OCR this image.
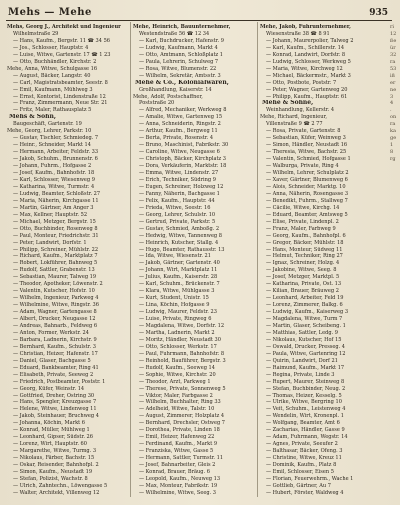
Mehs — Mehe	935
Mehs, Georg J., Architekt und Ingenieur
Wilhelmstraße 29
— Hans, Kaufm., Bergstr. 11 ☎ 34 56
— Jos., Schlosser, Hauptstr. 4
— Luise, Witwe, Gartenstr. 17 ☎ 1 23
— Otto, Buchhändler, Kirchstr. 2
Mehe, Anna, Witwe, Schulgasse 16
— August, Bäcker, Langstr. 40
— Carl, Magistratsbeamter, Seestr. 8
— Emil, Kaufmann, Mühlweg 3
— Ernst, Kontorist, Lindenstraße 12
— Franz, Zimmermann, Neue Str. 21
— Fritz, Maler, Rathausplatz 5
Mehs & Sohn,
Baugeschäft, Gartenstr. 19
Mehe, Georg, Lehrer, Parkstr. 10
— Gustav, Tischler, Schmiedeg. 7
— Heinr., Schneider, Markt 14
— Hermann, Arbeiter, Feldstr. 33
— Jakob, Schuhm., Brunnenstr. 6
— Johann, Fuhrm., Hofgasse 2
— Josef, Kaufm., Bahnhofstr. 18
— Karl, Schlosser, Wiesenweg 9
— Katharina, Witwe, Turmstr. 4
— Ludwig, Beamter, Schloßstr. 27
— Maria, Näherin, Kirchgasse 11
— Martin, Gärtner, Am Anger 3
— Max, Kellner, Hauptstr. 52
— Michael, Metzger, Bergstr. 15
— Otto, Buchbinder, Rosenweg 8
— Paul, Monteur, Friedrichstr. 31
— Peter, Landwirt, Dorfstr. 1
— Philipp, Schreiner, Mühlstr. 22
— Richard, Kaufm., Marktplatz 7
— Robert, Lokführer, Bahnweg 5
— Rudolf, Sattler, Grabenstr. 13
— Sebastian, Maurer, Talweg 19
— Theodor, Apotheker, Löwenstr. 2
— Valentin, Kutscher, Hofstr. 10
— Wilhelm, Ingenieur, Parkweg 4
— Wilhelmine, Witwe, Ringstr. 36
— Adam, Wagner, Gartengasse 8
— Albert, Drucker, Neugasse 12
— Andreas, Bahnarb., Feldweg 6
— Anton, Former, Werkstr. 24
— Barbara, Ladnerin, Kirchstr. 9
— Bernhard, Kaufm., Schulstr. 3
— Christian, Heizer, Hafenstr. 17
— Daniel, Glaser, Bachgasse 5
— Eduard, Bankbeamter, Ring 41
— Elisabeth, Private, Seeweg 2
— Friedrich, Postbeamter, Poststr. 1
— Georg, Küfer, Weinstr. 14
— Gottfried, Dreher, Ostring 30
— Hans, Spengler, Kreuzgasse 7
— Helene, Witwe, Lindenweg 11
— Jakob, Steinhauer, Bruchweg 4
— Johanna, Köchin, Markt 6
— Konrad, Müller, Mühlweg 1
— Leonhard, Gipser, Südstr. 26
— Lorenz, Wirt, Hauptstr. 60
— Margarethe, Witwe, Turmg. 3
— Nikolaus, Färber, Bachstr. 15
— Oskar, Reisender, Bahnhofpl. 2
— Simon, Kaufm., Neustadt 19
— Stefan, Polizist, Wachstr. 8
— Ulrich, Zahntechn., Löwengasse 5
— Walter, Architekt, Villenweg 12
Mehe, Heinrich, Bauunternehmer,
Westendstraße 56 ☎ 12 34
— Karl, Buchdrucker, Hafenstr. 9
— Ludwig, Kaufmann, Markt 4
— Otto, Amtmann, Schloßplatz 1
— Paula, Lehrerin, Schulweg 7
— Rosa, Witwe, Blumenstr. 22
— Wilhelm, Sekretär, Amtsstr. 3
Mehe & Co., Kolonialwaren,
Großhandlung, Kaiserstr. 14
Mehe, Adolf, Postschaffner,
Poststraße 20
— Alfred, Mechaniker, Werkweg 8
— Amalie, Witwe, Gartenweg 15
— Anna, Schneiderin, Ringstr. 2
— Arthur, Kaufm., Bergweg 11
— Berta, Private, Rosenstr. 4
— Bruno, Maschinist, Fabrikstr. 30
— Caroline, Witwe, Neugasse 6
— Christoph, Bäcker, Kirchplatz 3
— Dora, Verkäuferin, Marktstr. 18
— Emma, Witwe, Lindenstr. 27
— Erich, Techniker, Südring 9
— Eugen, Schreiner, Holzweg 12
— Fanny, Näherin, Bachgasse 1
— Felix, Kaufm., Hauptstr. 44
— Frieda, Witwe, Seestr. 16
— Georg, Lehrer, Schulstr. 10
— Gertrud, Private, Parkstr. 5
— Gustav, Schmied, Amboßg. 2
— Hedwig, Witwe, Tannenweg 8
— Heinrich, Kutscher, Stallg. 4
— Hugo, Beamter, Rathausstr. 13
— Ida, Witwe, Wiesenstr. 21
— Jakob, Gärtner, Gartenstr. 40
— Johann, Wirt, Marktplatz 11
— Julius, Kaufm., Kaiserstr. 28
— Karl, Schuhm., Brückenstr. 7
— Klara, Witwe, Mühlgasse 3
— Kurt, Student, Unistr. 15
— Lina, Köchin, Hofgasse 9
— Ludwig, Maurer, Feldstr. 23
— Luise, Private, Ringweg 6
— Magdalena, Witwe, Dorfstr. 12
— Martha, Ladnerin, Markt 2
— Moritz, Händler, Neustadt 30
— Otto, Schlosser, Werkstr. 17
— Paul, Fuhrmann, Bahnhofstr. 8
— Reinhold, Bauführer, Bergstr. 3
— Rudolf, Kaufm., Seeweg 14
— Sophie, Witwe, Kirchstr. 20
— Theodor, Arzt, Parkweg 1
— Therese, Private, Sonnenweg 5
— Viktor, Maler, Farbgasse 2
— Wilhelm, Buchhalter, Ring 33
— Adelheid, Witwe, Talstr. 10
— August, Zimmerer, Holzplatz 4
— Bernhard, Drechsler, Ostweg 7
— Dorothea, Private, Linden 18
— Emil, Heizer, Hafenweg 22
— Ferdinand, Kaufm., Markt 9
— Franziska, Witwe, Gasse 5
— Hermann, Sattler, Turmstr. 11
— Josef, Bahnarbeiter, Gleis 2
— Konrad, Brauer, Bräug. 6
— Leopold, Kaufm., Neuweg 13
— Max, Monteur, Fabrikstr. 19
— Wilhelmine, Witwe, Seeg. 3
Mehe, Jakob, Fuhrunternehmer,
Wiesenstraße 38 ☎ 8 91
— Johann, Maurerpolier, Talweg 2
— Karl, Kaufm., Schillerstr. 14
— Konrad, Landwirt, Dorfstr. 8
— Ludwig, Schlosser, Werkweg 5
— Maria, Witwe, Kirchweg 12
— Michael, Bäckermstr., Markt 3
— Otto, Postbote, Poststr. 7
— Peter, Wagner, Gartenweg 20
— Philipp, Kaufm., Hauptstr. 61
Mehe & Söhne,
Weinhandlung, Kellerstr. 4
Mehe, Richard, Ingenieur,
Villenstraße 9 ☎ 2 77
— Rosa, Private, Gartenstr. 8
— Sebastian, Küfer, Weinweg 3
— Simon, Händler, Neustadt 16
— Theresia, Witwe, Bachstr. 25
— Valentin, Schmied, Hofgasse 1
— Walburga, Private, Ring 4
— Wilhelm, Lehrer, Schulplatz 2
— Xaver, Gärtner, Blumenweg 6
— Alois, Schneider, Marktg. 10
— Anna, Näherin, Rosengasse 3
— Benedikt, Fuhrm., Stallweg 7
— Cäcilie, Witwe, Kirchg. 14
— Eduard, Beamter, Amtsweg 5
— Elise, Private, Lindenpl. 2
— Franz, Maler, Farbweg 9
— Georg, Kaufm., Bahnhofpl. 6
— Gregor, Bäcker, Mühlstr. 18
— Hans, Monteur, Südweg 11
— Helmut, Techniker, Ring 27
— Ignaz, Schreiner, Holzg. 4
— Jakobine, Witwe, Seeg. 8
— Josef, Metzger, Marktpl. 5
— Katharina, Private, Ost. 13
— Kilian, Brauer, Bräuweg 2
— Leonhard, Arbeiter, Feld 19
— Lorenz, Zimmerer, Balkg. 6
— Ludwig, Kaufm., Kaiserweg 3
— Magdalena, Witwe, Turm 7
— Martin, Glaser, Scheibeng. 1
— Matthias, Sattler, Ledg. 9
— Nikolaus, Kutscher, Hof 15
— Oswald, Drucker, Presseg. 4
— Paula, Witwe, Gartenring 12
— Quirin, Landwirt, Dorf 21
— Raimund, Kaufm., Markt 17
— Regina, Private, Linde 3
— Rupert, Maurer, Steinweg 8
— Stefan, Buchbinder, Neug. 2
— Thomas, Heizer, Kesselg. 5
— Ulrike, Witwe, Bergring 10
— Veit, Schuhm., Leistenweg 4
— Wendelin, Wirt, Kronenpl. 1
— Wolfgang, Beamter, Amt 6
— Zacharias, Händler, Gasse 9
— Adam, Fuhrmann, Wegstr. 14
— Agnes, Private, Seeufer 2
— Balthasar, Bäcker, Ofeng. 3
— Christine, Witwe, Kreuz 11
— Dominik, Kaufm., Platz 8
— Emil, Schlosser, Eisen 5
— Florian, Feuerwehrm., Wache 1
— Gottlieb, Gärtner, Au 7
— Hubert, Förster, Waldweg 4
ri
12
ße
ür
32
ra
53
iß
er
ne
3
4
.
on
ra
ka
ge
1
8
rg
